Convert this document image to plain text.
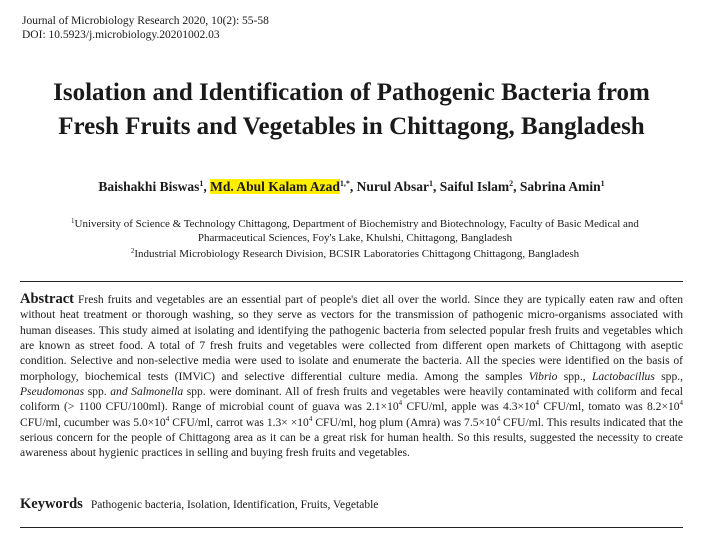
Journal of Microbiology Research 2020, 10(2): 55-58
DOI: 10.5923/j.microbiology.20201002.03
Isolation and Identification of Pathogenic Bacteria from
Fresh Fruits and Vegetables in Chittagong, Bangladesh
Baishakhi Biswas$^1$, Md. Abul Kalam Azad$^{1,*}$, Nurul Absar$^1$, Saiful Islam$^2$, Sabrina Amin$^1$
$^1$University of Science & Technology Chittagong, Department of Biochemistry and Biotechnology, Faculty of Basic Medical and
Pharmaceutical Sciences, Foy's Lake, Khulshi, Chittagong, Bangladesh
$^2$Industrial Microbiology Research Division, BCSIR Laboratories Chittagong Chittagong, Bangladesh
Abstract Fresh fruits and vegetables are an essential part of people's diet all over the world. Since they are typically eaten raw and often without heat treatment or thorough washing, so they serve as vectors for the transmission of pathogenic micro-organisms associated with human diseases. This study aimed at isolating and identifying the pathogenic bacteria from selected popular fresh fruits and vegetables which are known as street food. A total of 7 fresh fruits and vegetables were collected from different open markets of Chittagong with aseptic condition. Selective and non-selective media were used to isolate and enumerate the bacteria. All the species were identified on the basis of morphology, biochemical tests (IMViC) and selective differential culture media. Among the samples Vibrio spp., Lactobacillus spp., Pseudomonas spp. and Salmonella spp. were dominant. All of fresh fruits and vegetables were heavily contaminated with coliform and fecal coliform (> 1100 CFU/100ml). Range of microbial count of guava was $2.1\times 10^4$ CFU/ml, apple was $4.3\times 10^4$ CFU/ml, tomato was $8.2\times 10^4$ CFU/ml, cucumber was $5.0\times 10^4$ CFU/ml, carrot was $1.3\times \times 10^4$ CFU/ml, hog plum (Amra) was $7.5\times 10^4$ CFU/ml. This results indicated that the serious concern for the people of Chittagong area as it can be a great risk for human health. So this results, suggested the necessity to create awareness about hygienic practices in selling and buying fresh fruits and vegetables.
Keywords Pathogenic bacteria, Isolation, Identification, Fruits, Vegetable
